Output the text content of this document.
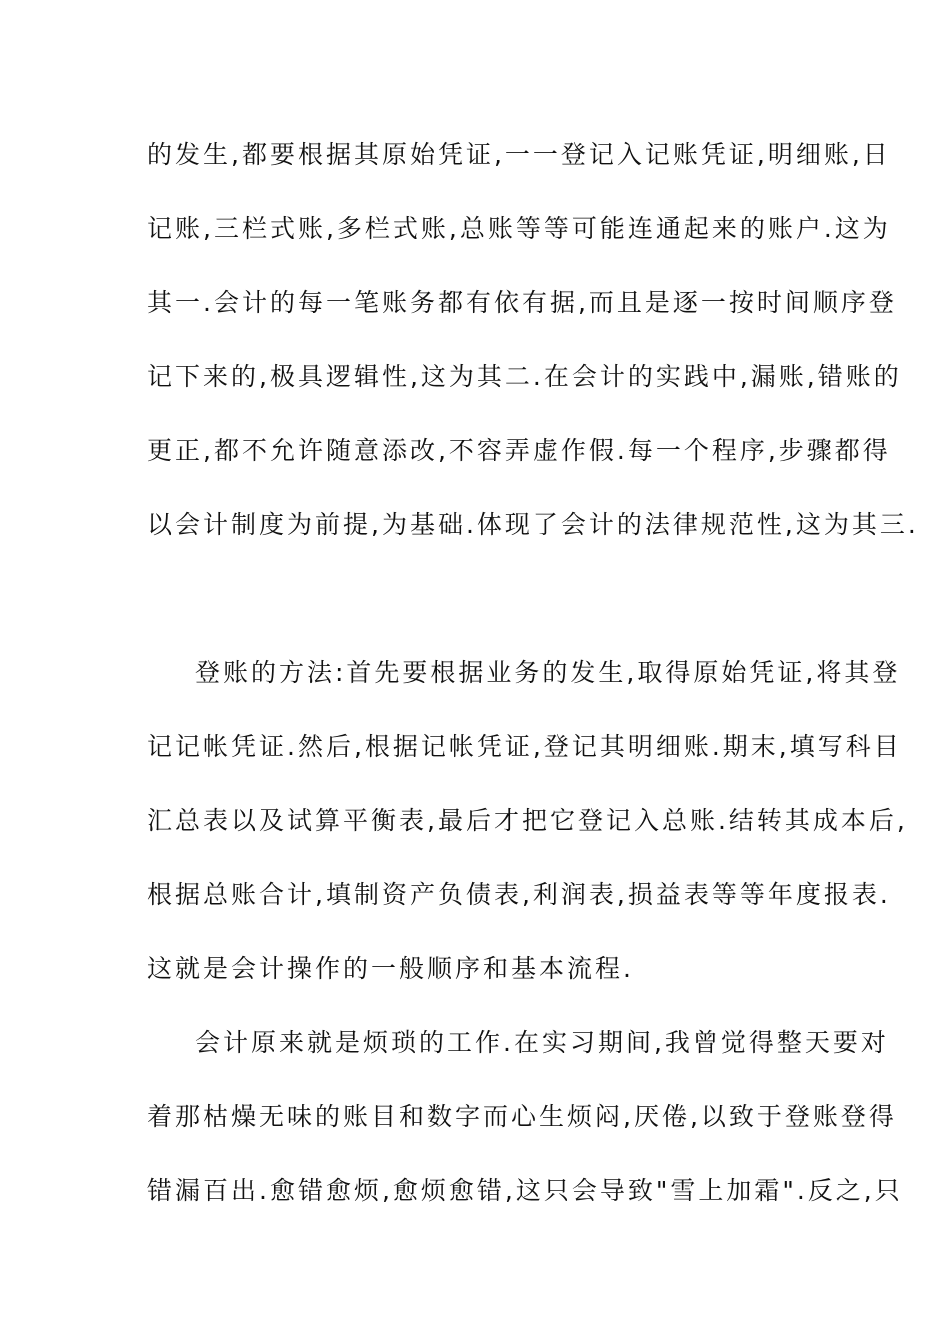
的发生,都要根据其原始凭证,一一登记入记账凭证,明细账,日
记账,三栏式账,多栏式账,总账等等可能连通起来的账户.这为
其一.会计的每一笔账务都有依有据,而且是逐一按时间顺序登
记下来的,极具逻辑性,这为其二.在会计的实践中,漏账,错账的
更正,都不允许随意添改,不容弄虚作假.每一个程序,步骤都得
以会计制度为前提,为基础.体现了会计的法律规范性,这为其三.
登账的方法:首先要根据业务的发生,取得原始凭证,将其登
记记帐凭证.然后,根据记帐凭证,登记其明细账.期末,填写科目
汇总表以及试算平衡表,最后才把它登记入总账.结转其成本后,
根据总账合计,填制资产负债表,利润表,损益表等等年度报表.
这就是会计操作的一般顺序和基本流程.
会计原来就是烦琐的工作.在实习期间,我曾觉得整天要对
着那枯燥无味的账目和数字而心生烦闷,厌倦,以致于登账登得
错漏百出.愈错愈烦,愈烦愈错,这只会导致"雪上加霜".反之,只
